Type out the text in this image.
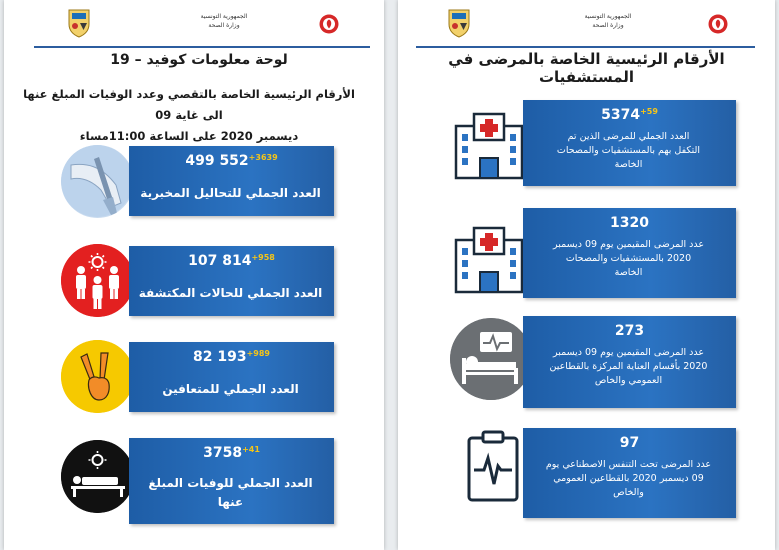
الجمهورية التونسية
وزارة الصحة
لوحة معلومات كوفيد – 19
الأرقام الرئيسية الخاصة بالتقصي وعدد الوفيات المبلغ عنها الى غاية 09
ديسمبر 2020 على الساعة 11:00مساء
499 $552^{+3639}$
العدد الجملي للتحاليل المخبرية
107 $814^{+958}$
العدد الجملي للحالات المكتشفة
82 $193^{+989}$
العدد الجملي للمتعافين
$3758^{+41}$
العدد الجملي للوفيات المبلغ
عنها
الجمهورية التونسية
وزارة الصحة
الأرقام الرئيسية الخاصة بالمرضى في المستشفيات
$5374^{+59}$
العدد الجملي للمرضى الذين تم
التكفل بهم بالمستشفيات والمصحات
الخاصة
1320
عدد المرضى المقيمين يوم 09 ديسمبر
2020 بالمستشفيات والمصحات
الخاصة
273
عدد المرضى المقيمين يوم 09 ديسمبر
2020 بأقسام العناية المركزة بالقطاعين
العمومي والخاص
97
عدد المرضى تحت التنفس الاصطناعي يوم
09 ديسمبر 2020 بالقطاعين العمومي
والخاص
